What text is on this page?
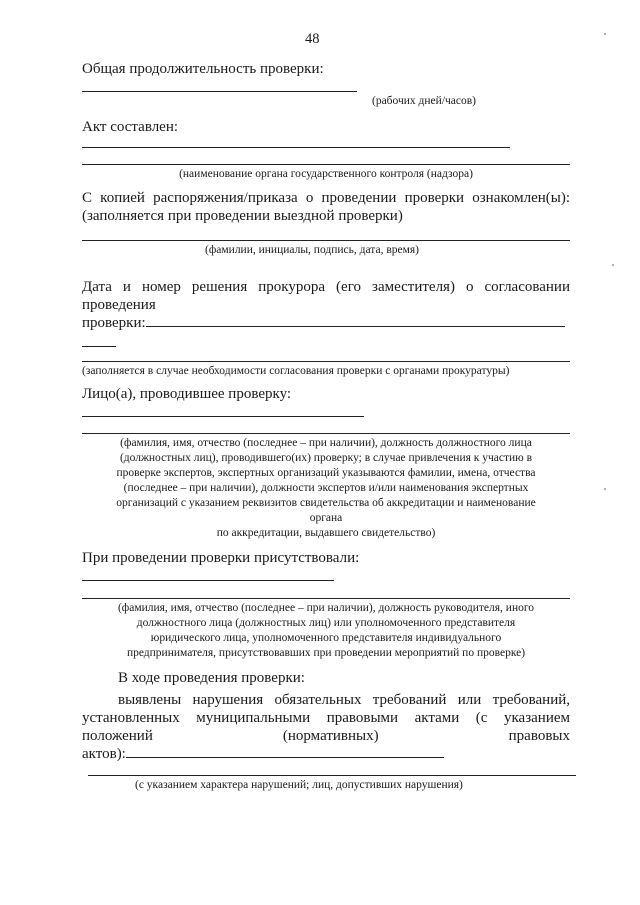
48
Общая продолжительность проверки:
(рабочих дней/часов)
Акт составлен:
(наименование органа государственного контроля (надзора)
С копией распоряжения/приказа о проведении проверки ознакомлен(ы):
(заполняется при проведении выездной проверки)
(фамилии, инициалы, подпись, дата, время)
Дата и номер решения прокурора (его заместителя) о согласовании
проведения
проверки:
(заполняется в случае необходимости согласования проверки с органами прокуратуры)
Лицо(а), проводившее проверку:
(фамилия, имя, отчество (последнее – при наличии), должность должностного лица
(должностных лиц), проводившего(их) проверку; в случае привлечения к участию в
проверке экспертов, экспертных организаций указываются фамилии, имена, отчества
(последнее – при наличии), должности экспертов и/или наименования экспертных
организаций с указанием реквизитов свидетельства об аккредитации и наименование
органа
по аккредитации, выдавшего свидетельство)
При проведении проверки присутствовали:
(фамилия, имя, отчество (последнее – при наличии), должность руководителя, иного
должностного лица (должностных лиц) или уполномоченного представителя
юридического лица, уполномоченного представителя индивидуального
предпринимателя, присутствовавших при проведении мероприятий по проверке)
В ходе проведения проверки:
выявлены нарушения обязательных требований или требований,
установленных муниципальными правовыми актами (с указанием
положений	(нормативных)	правовых
актов):
(с указанием характера нарушений; лиц, допустивших нарушения)
